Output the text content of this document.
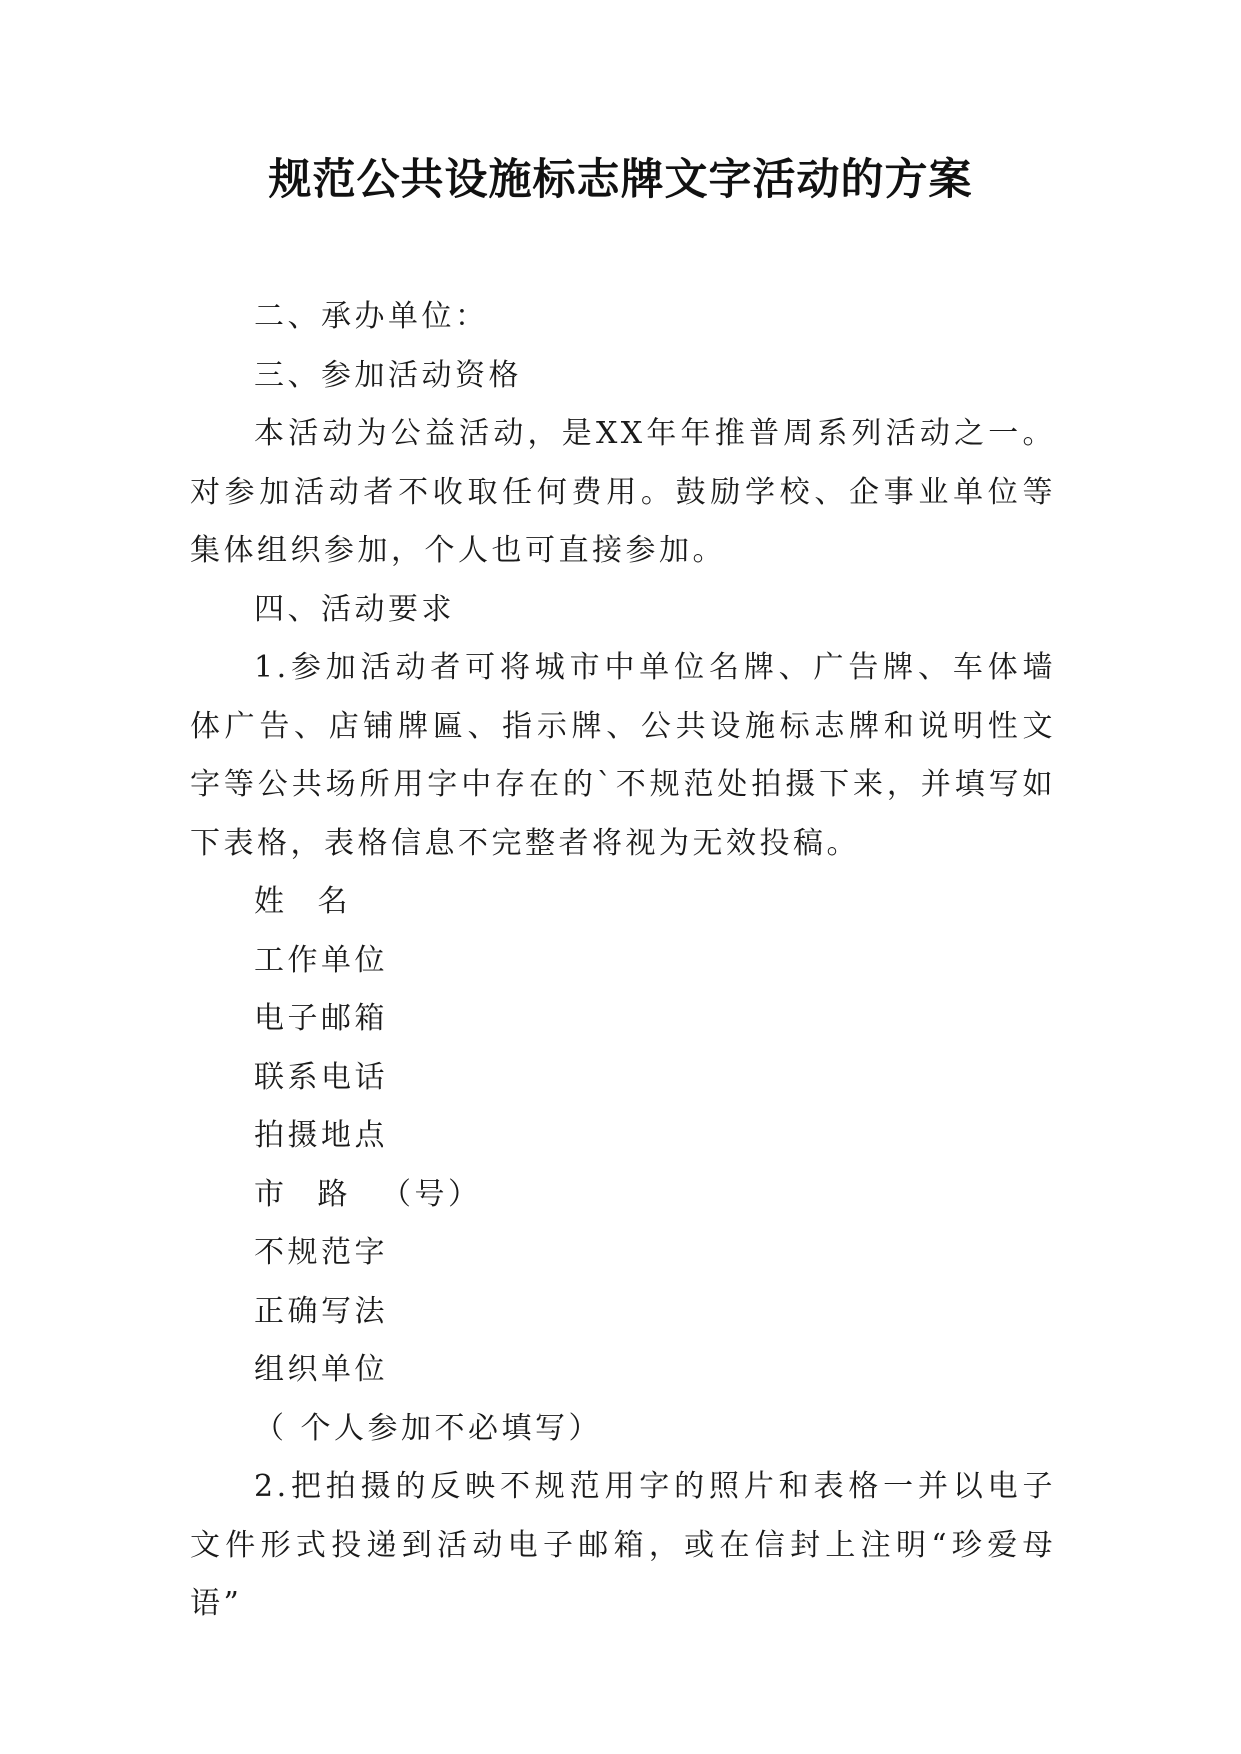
规范公共设施标志牌文字活动的方案

二、承办单位：

三、参加活动资格

本活动为公益活动，是XX年年推普周系列活动之一。对参加活动者不收取任何费用。鼓励学校、企事业单位等集体组织参加，个人也可直接参加。

四、活动要求

1.参加活动者可将城市中单位名牌、广告牌、车体墙体广告、店铺牌匾、指示牌、公共设施标志牌和说明性文字等公共场所用字中存在的`不规范处拍摄下来，并填写如下表格，表格信息不完整者将视为无效投稿。

姓 名

工作单位

电子邮箱

联系电话

拍摄地点

市 路 （号）

不规范字

正确写法

组织单位

（ 个人参加不必填写）

2.把拍摄的反映不规范用字的照片和表格一并以电子文件形式投递到活动电子邮箱，或在信封上注明“珍爱母语”
